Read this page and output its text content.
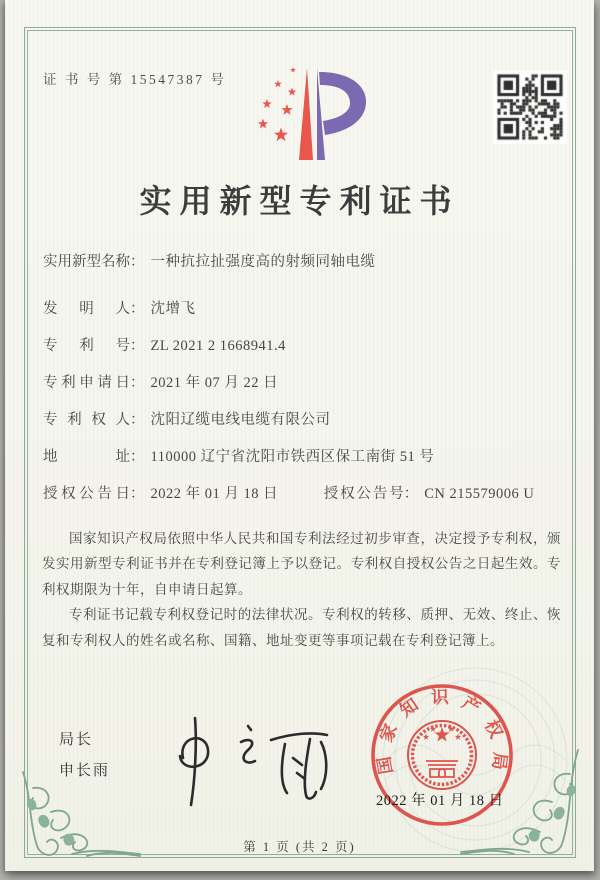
证 书 号 第 15547387 号
实用新型专利证书
实用新型名称： 一种抗拉扯强度高的射频同轴电缆
发明人： 沈增飞
专利号： ZL 2021 2 1668941.4
专利申请日： 2021 年 07 月 22 日
专利权人： 沈阳辽缆电线电缆有限公司
地址： 110000 辽宁省沈阳市铁西区保工南街 51 号
授权公告日： 2022 年 01 月 18 日	授权公告号： CN 215579006 U

国家知识产权局依照中华人民共和国专利法经过初步审查，决定授予专利权，颁发实用新型专利证书并在专利登记簿上予以登记。专利权自授权公告之日起生效。专利权期限为十年，自申请日起算。

专利证书记载专利权登记时的法律状况。专利权的转移、质押、无效、终止、恢复和专利权人的姓名或名称、国籍、地址变更等事项记载在专利登记簿上。

局长
申长雨	国家知识产权局
2022 年 01 月 18 日
第 1 页 (共 2 页)
